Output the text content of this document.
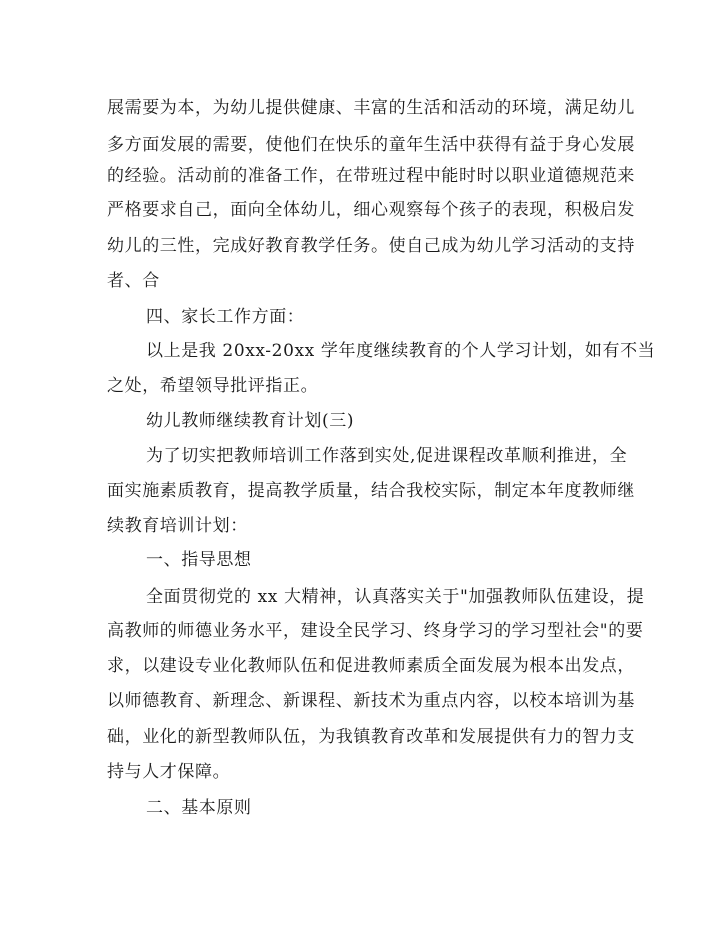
展需要为本，为幼儿提供健康、丰富的生活和活动的环境，满足幼儿
多方面发展的需要，使他们在快乐的童年生活中获得有益于身心发展
的经验。活动前的准备工作，在带班过程中能时时以职业道德规范来
严格要求自己，面向全体幼儿，细心观察每个孩子的表现，积极启发
幼儿的三性，完成好教育教学任务。使自己成为幼儿学习活动的支持
者、合
四、家长工作方面：
以上是我 20xx-20xx 学年度继续教育的个人学习计划，如有不当
之处，希望领导批评指正。
幼儿教师继续教育计划(三)
为了切实把教师培训工作落到实处,促进课程改革顺利推进，全
面实施素质教育，提高教学质量，结合我校实际，制定本年度教师继
续教育培训计划：
一、指导思想
全面贯彻党的 xx 大精神，认真落实关于"加强教师队伍建设，提
高教师的师德业务水平，建设全民学习、终身学习的学习型社会"的要
求，以建设专业化教师队伍和促进教师素质全面发展为根本出发点，
以师德教育、新理念、新课程、新技术为重点内容，以校本培训为基
础，业化的新型教师队伍，为我镇教育改革和发展提供有力的智力支
持与人才保障。
二、基本原则
